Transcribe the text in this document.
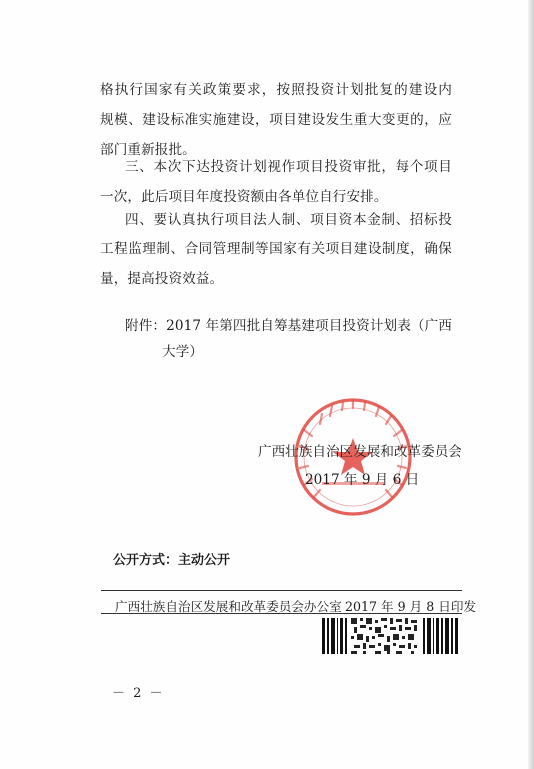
格执行国家有关政策要求，按照投资计划批复的建设内
规模、建设标准实施建设，项目建设发生重大变更的，应
部门重新报批。
三、本次下达投资计划视作项目投资审批，每个项目
一次，此后项目年度投资额由各单位自行安排。
四、要认真执行项目法人制、项目资本金制、招标投
工程监理制、合同管理制等国家有关项目建设制度，确保
量，提高投资效益。
附件：2017 年第四批自筹基建项目投资计划表（广西
大学）
广西壮族自治区发展和改革委员会
2017 年 9 月 6 日
公开方式：主动公开
广西壮族自治区发展和改革委员会办公室 2017 年 9 月 8 日印发
－ 2 －
